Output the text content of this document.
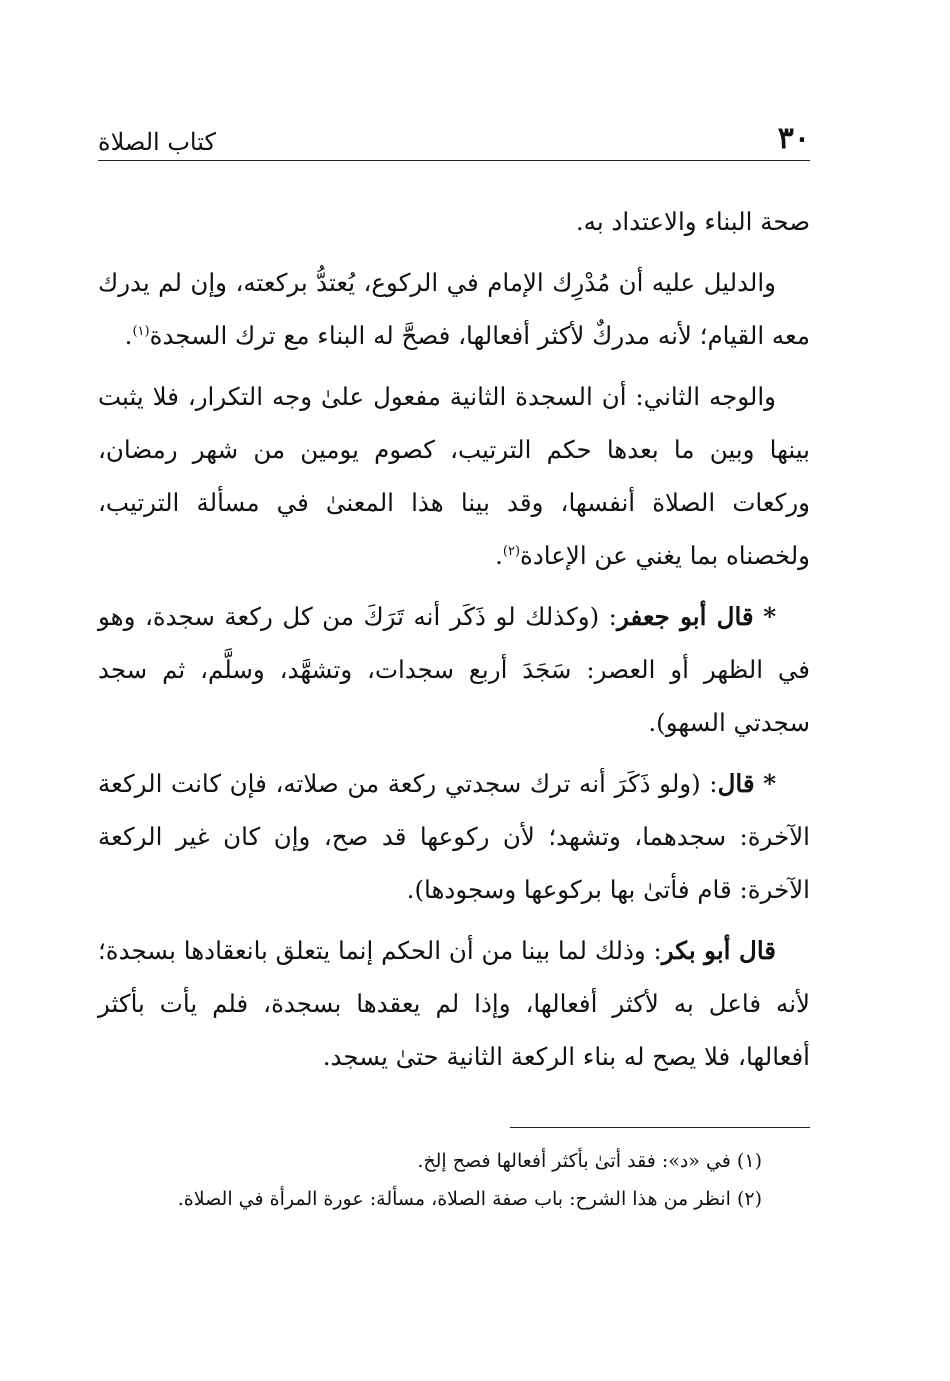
٣٠
كتاب الصلاة

صحة البناء والاعتداد به.

والدليل عليه أن مُدْرِك الإمام في الركوع، يُعتدُّ بركعته، وإن لم يدرك معه القيام؛ لأنه مدركٌ لأكثر أفعالها، فصحَّ له البناء مع ترك السجدة$^{(١)}$.

والوجه الثاني: أن السجدة الثانية مفعول علىٰ وجه التكرار، فلا يثبت بينها وبين ما بعدها حكم الترتيب، كصوم يومين من شهر رمضان، وركعات الصلاة أنفسها، وقد بينا هذا المعنىٰ في مسألة الترتيب، ولخصناه بما يغني عن الإعادة$^{(٢)}$.

* قال أبو جعفر: (وكذلك لو ذَكَر أنه تَرَكَ من كل ركعة سجدة، وهو في الظهر أو العصر: سَجَدَ أربع سجدات، وتشهَّد، وسلَّم، ثم سجد سجدتي السهو).

* قال: (ولو ذَكَرَ أنه ترك سجدتي ركعة من صلاته، فإن كانت الركعة الآخرة: سجدهما، وتشهد؛ لأن ركوعها قد صح، وإن كان غير الركعة الآخرة: قام فأتىٰ بها بركوعها وسجودها).

قال أبو بكر: وذلك لما بينا من أن الحكم إنما يتعلق بانعقادها بسجدة؛ لأنه فاعل به لأكثر أفعالها، وإذا لم يعقدها بسجدة، فلم يأت بأكثر أفعالها، فلا يصح له بناء الركعة الثانية حتىٰ يسجد.

(١) في «د»: فقد أتىٰ بأكثر أفعالها فصح إلخ.

(٢) انظر من هذا الشرح: باب صفة الصلاة، مسألة: عورة المرأة في الصلاة.
